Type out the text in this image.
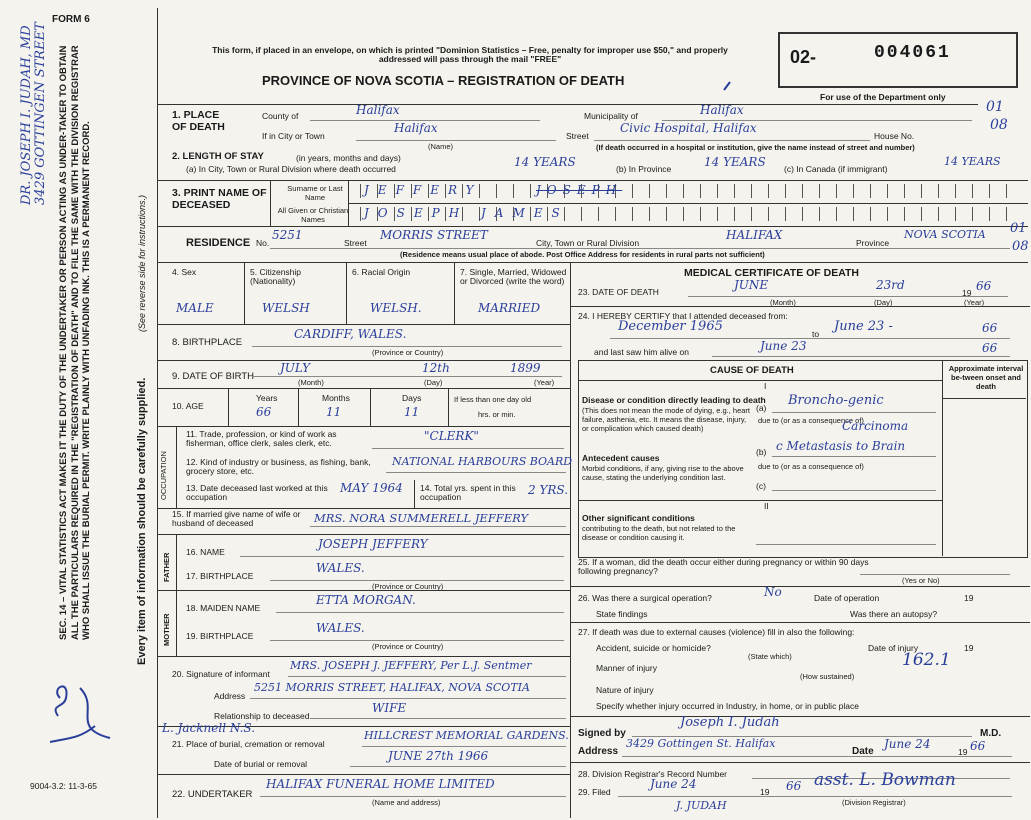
FORM 6
DR. JOSEPH I. JUDAH, MD 3429 GOTTINGEN STREET SEC. 14 – VITAL STATISTICS ACT MAKES IT THE DUTY OF THE UNDERTAKER OR PERSON ACTING AS UNDER-TAKER TO OBTAIN ALL THE PARTICULARS REQUIRED IN THE "REGISTRATION OF DEATH" AND TO FILE THE SAME WITH THE DIVISION REGISTRAR WHO SHALL ISSUE THE BURIAL PERMIT. WRITE PLAINLY WITH UNFADING INK. THIS IS A PERMANENT RECORD.	Every item of information should be carefully supplied.
(See reverse side for instructions.)
9004-3.2: 11-3-65
This form, if placed in an envelope, on which is printed "Dominion Statistics – Free, penalty for improper use $50," and properly addressed will pass through the mail "FREE"
PROVINCE OF NOVA SCOTIA – REGISTRATION OF DEATH
02-	004061
For use of the Department only
01
08
1. PLACE OF DEATH
County of	Halifax	Municipality of	Halifax
If in City or Town
Halifax
(Name)
Street
Civic Hospital, Halifax
House No.
(If death occurred in a hospital or institution, give the name instead of street and number)
2. LENGTH OF STAY	(in years, months and days)
(a) In City, Town or Rural Division where death occurred	14 YEARS	(b) In Province	14 YEARS (c) In Canada (if immigrant)
14 YEARS
3. PRINT NAME OF DECEASED
Surname or Last Name
All Given or Christian Names
JEFFERY	JOSEPH
JOSEPH JAMES
RESIDENCE No.
5251
Street
MORRIS STREET
City, Town or Rural Division
HALIFAX
Province
NOVA SCOTIA 01
08
(Residence means usual place of abode. Post Office Address for residents in rural parts not sufficient)
4. Sex
MALE
5. Citizenship (Nationality)
WELSH
6. Racial Origin
WELSH.
7. Single, Married, Widowed or Divorced (write the word)
MARRIED
8. BIRTHPLACE
CARDIFF, WALES.
(Province or Country)
9. DATE OF BIRTH
JULY	12th	1899
(Month)	(Day)	(Year)
10. AGE
Years	Months	Days
66	11	11
If less than one day old
hrs. or min.
OCCUPATION
11. Trade, profession, or kind of work as fisherman, office clerk, sales clerk, etc.
"CLERK"
12. Kind of industry or business, as fishing, bank, grocery store, etc.
NATIONAL HARBOURS BOARD
13. Date deceased last worked at this occupation
MAY 1964 14. Total yrs. spent in this occupation
2 YRS.
15. If married give name of wife or husband of deceased	MRS. NORA SUMMERELL JEFFERY
FATHER
16. NAME
JOSEPH JEFFERY
17. BIRTHPLACE
WALES.
(Province or Country)
MOTHER
18. MAIDEN NAME
ETTA MORGAN.
19. BIRTHPLACE
WALES.
(Province or Country)
20. Signature of informant
MRS. JOSEPH J. JEFFERY, Per L.J. Sentmer
Address
5251 MORRIS STREET, HALIFAX, NOVA SCOTIA
Relationship to deceased
WIFE
L. Jacknell N.S.
21. Place of burial, cremation or removal
HILLCREST MEMORIAL GARDENS.
Date of burial or removal
JUNE 27th 1966
22. UNDERTAKER
HALIFAX FUNERAL HOME LIMITED
(Name and address)
MEDICAL CERTIFICATE OF DEATH
23. DATE OF DEATH	JUNE	23rd
19 66
(Month)	(Day)	(Year)
24. I HEREBY CERTIFY that I attended deceased from:
December 1965	to June 23 -	66
and last saw him alive on	June 23	66
CAUSE OF DEATH	Approximate interval be-tween onset and death
I
Disease or condition directly leading to death
(This does not mean the mode of dying, e.g., heart failure, asthenia, etc. It means the disease, injury, or complication which caused death)
(a) Broncho-genic
due to (or as a consequence of)
Carcinoma
Antecedent causes
Morbid conditions, if any, giving rise to the above cause, stating the underlying condition last.
(b) c Metastasis to Brain
due to (or as a consequence of)
(c)
II
Other significant conditions
contributing to the death, but not related to the disease or condition causing it.
25. If a woman, did the death occur either during pregnancy or within 90 days following pregnancy?
(Yes or No)
26. Was there a surgical operation?	No	Date of operation	19
State findings	Was there an autopsy?
27. If death was due to external causes (violence) fill in also the following:
Accident, suicide or homicide?
(State which)
Date of injury	19
Manner of injury	162.1
(How sustained)
Nature of injury
Specify whether injury occurred in Industry, in home, or in public place
Signed by
Joseph I. Judah
M.D.
Address
3429 Gottingen St. Halifax
Date
June 24
19 66
28. Division Registrar's Record Number
29. Filed
June 24
19 66 asst. L. Bowman
(Division Registrar)
J. JUDAH
